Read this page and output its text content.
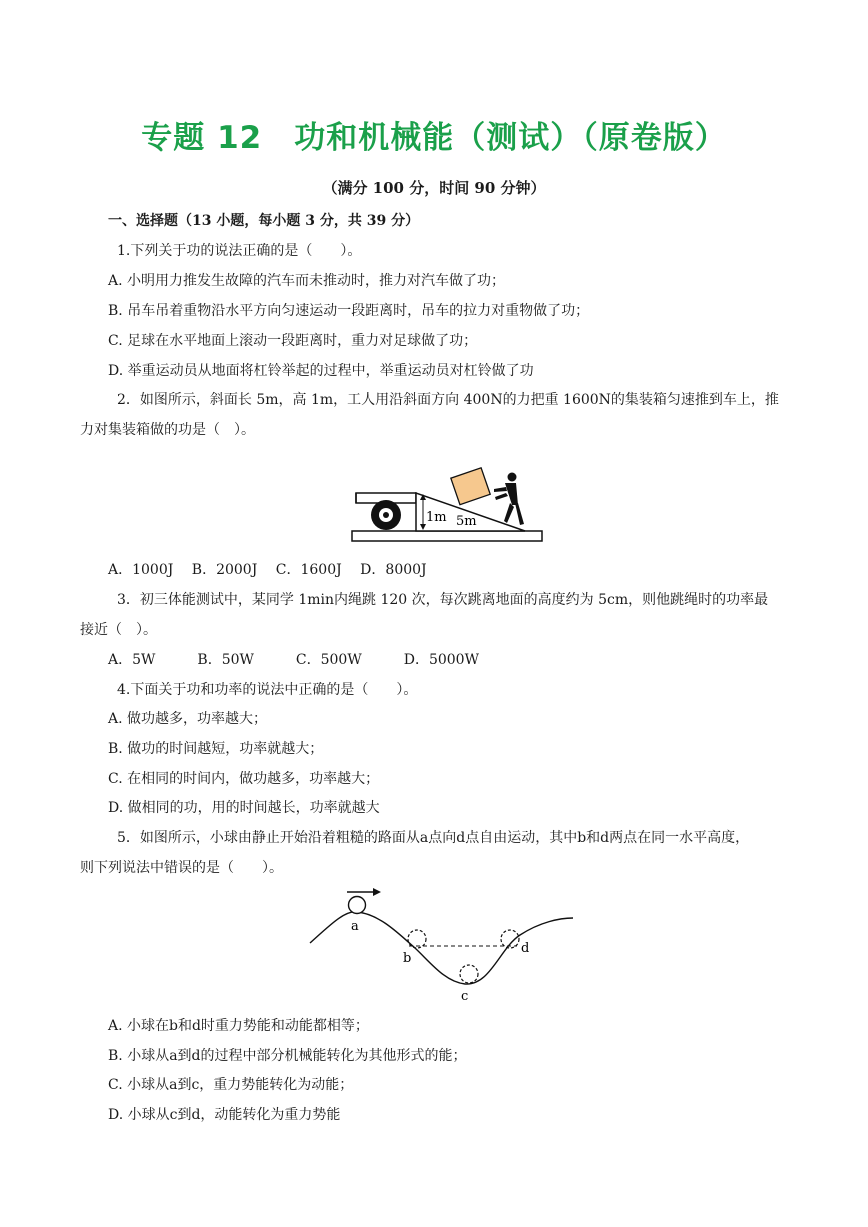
专题 12　功和机械能（测试）（原卷版）
（满分 100 分，时间 90 分钟）
一、选择题（13 小题，每小题 3 分，共 39 分）
1.下列关于功的说法正确的是（　　）。
A. 小明用力推发生故障的汽车而未推动时，推力对汽车做了功；
B. 吊车吊着重物沿水平方向匀速运动一段距离时，吊车的拉力对重物做了功；
C. 足球在水平地面上滚动一段距离时，重力对足球做了功；
D. 举重运动员从地面将杠铃举起的过程中，举重运动员对杠铃做了功
2．如图所示，斜面长 5m，高 1m，工人用沿斜面方向 400N的力把重 1600N的集装箱匀速推到车上，推
力对集装箱做的功是（　）。
1m 5m
A．1000J　 B．2000J　 C．1600J　 D．8000J
3．初三体能测试中，某同学 1min内绳跳 120 次，每次跳离地面的高度约为 5cm，则他跳绳时的功率最
接近（　）。
A．5W　　　B．50W　　　C．500W　　　D．5000W
4.下面关于功和功率的说法中正确的是（　　）。
A. 做功越多，功率越大；
B. 做功的时间越短，功率就越大；
C. 在相同的时间内，做功越多，功率越大；
D. 做相同的功，用的时间越长，功率就越大
5．如图所示，小球由静止开始沿着粗糙的路面从a点向d点自由运动，其中b和d两点在同一水平高度，
则下列说法中错误的是（　　）。
a
b
c
d
A. 小球在b和d时重力势能和动能都相等；
B. 小球从a到d的过程中部分机械能转化为其他形式的能；
C. 小球从a到c，重力势能转化为动能；
D. 小球从c到d，动能转化为重力势能
